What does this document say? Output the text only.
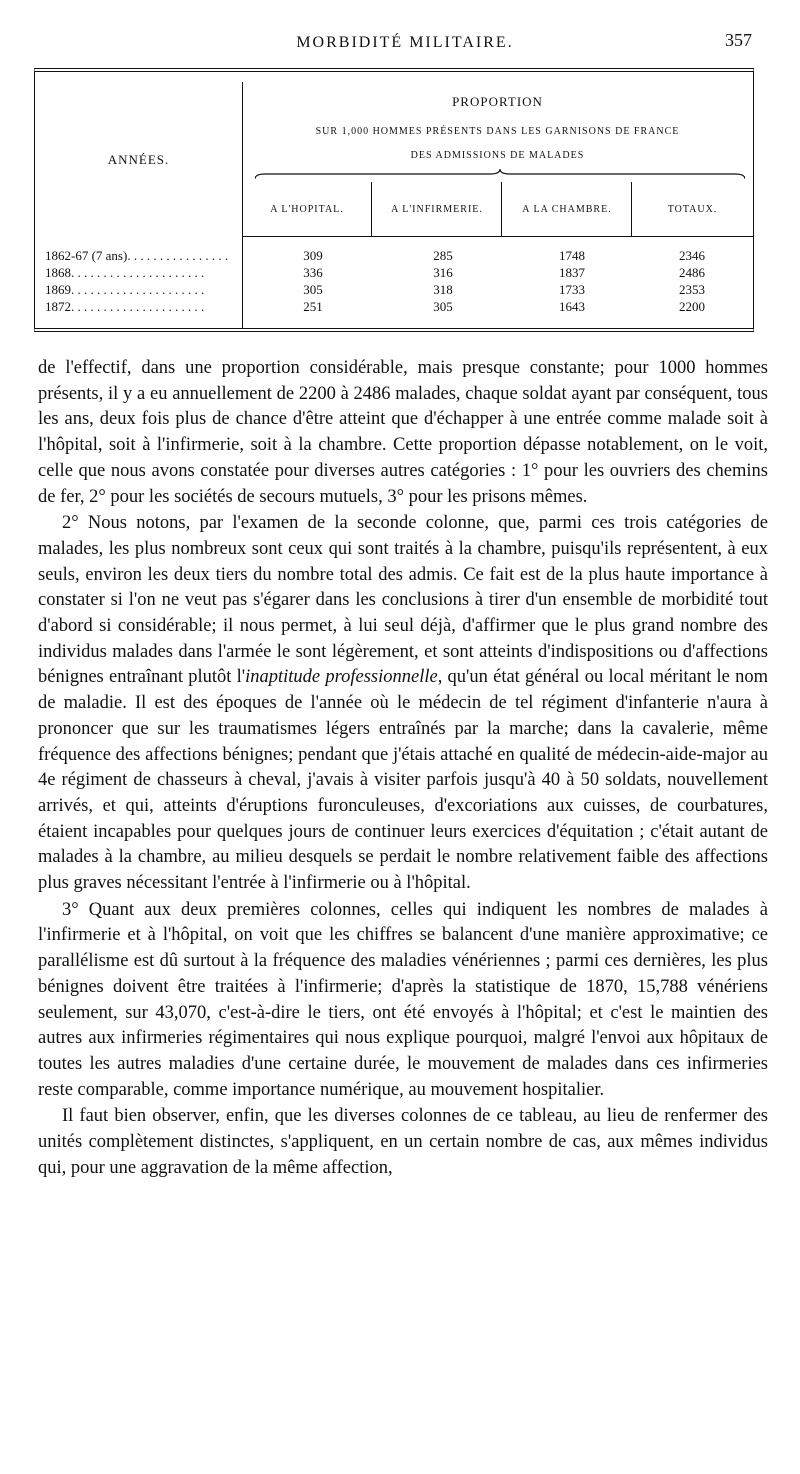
MORBIDITÉ MILITAIRE.	357
ANNÉES.
PROPORTION
SUR 1,000 HOMMES PRÉSENTS DANS LES GARNISONS DE FRANCE
DES ADMISSIONS DE MALADES
A L'HOPITAL.	A L'INFIRMERIE.	A LA CHAMBRE.	TOTAUX.
1862-67 (7 ans). . . . . . . . . . . . . . . .	309	285	1748	2346
1868. . . . . . . . . . . . . . . . . . . . .	336	316	1837	2486
1869. . . . . . . . . . . . . . . . . . . . .	305	318	1733	2353
1872. . . . . . . . . . . . . . . . . . . . .	251	305	1643	2200

de l'effectif, dans une proportion considérable, mais presque constante; pour 1000 hommes présents, il y a eu annuellement de 2200 à 2486 malades, chaque soldat ayant par conséquent, tous les ans, deux fois plus de chance d'être atteint que d'échapper à une entrée comme malade soit à l'hôpital, soit à l'infirmerie, soit à la chambre. Cette proportion dépasse notablement, on le voit, celle que nous avons constatée pour diverses autres catégories : 1° pour les ouvriers des chemins de fer, 2° pour les sociétés de secours mutuels, 3° pour les prisons mêmes.

2° Nous notons, par l'examen de la seconde colonne, que, parmi ces trois catégories de malades, les plus nombreux sont ceux qui sont traités à la chambre, puisqu'ils représentent, à eux seuls, environ les deux tiers du nombre total des admis. Ce fait est de la plus haute importance à constater si l'on ne veut pas s'égarer dans les conclusions à tirer d'un ensemble de morbidité tout d'abord si considérable; il nous permet, à lui seul déjà, d'affirmer que le plus grand nombre des individus malades dans l'armée le sont légèrement, et sont atteints d'indispositions ou d'affections bénignes entraînant plutôt l'inaptitude professionnelle, qu'un état général ou local méritant le nom de maladie. Il est des époques de l'année où le médecin de tel régiment d'infanterie n'aura à prononcer que sur les traumatismes légers entraînés par la marche; dans la cavalerie, même fréquence des affections bénignes; pendant que j'étais attaché en qualité de médecin-aide-major au 4e régiment de chasseurs à cheval, j'avais à visiter parfois jusqu'à 40 à 50 soldats, nouvellement arrivés, et qui, atteints d'éruptions furonculeuses, d'excoriations aux cuisses, de courbatures, étaient incapables pour quelques jours de continuer leurs exercices d'équitation ; c'était autant de malades à la chambre, au milieu desquels se perdait le nombre relativement faible des affections plus graves nécessitant l'entrée à l'infirmerie ou à l'hôpital.

3° Quant aux deux premières colonnes, celles qui indiquent les nombres de malades à l'infirmerie et à l'hôpital, on voit que les chiffres se balancent d'une manière approximative; ce parallélisme est dû surtout à la fréquence des maladies vénériennes ; parmi ces dernières, les plus bénignes doivent être traitées à l'infirmerie; d'après la statistique de 1870, 15,788 vénériens seulement, sur 43,070, c'est-à-dire le tiers, ont été envoyés à l'hôpital; et c'est le maintien des autres aux infirmeries régimentaires qui nous explique pourquoi, malgré l'envoi aux hôpitaux de toutes les autres maladies d'une certaine durée, le mouvement de malades dans ces infirmeries reste comparable, comme importance numérique, au mouvement hospitalier.

Il faut bien observer, enfin, que les diverses colonnes de ce tableau, au lieu de renfermer des unités complètement distinctes, s'appliquent, en un certain nombre de cas, aux mêmes individus qui, pour une aggravation de la même affection,
